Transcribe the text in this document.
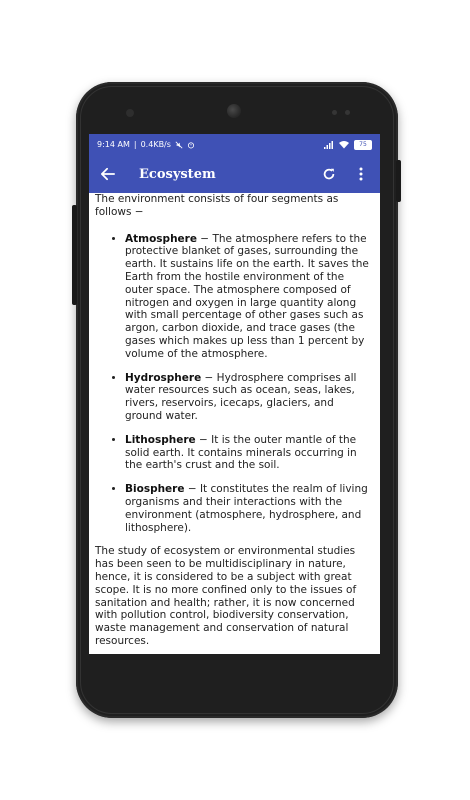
9:14 AM | 0.4KB/s	75
Ecosystem

The environment consists of four segments as follows −

• Atmosphere − The atmosphere refers to the protective blanket of gases, surrounding the earth. It sustains life on the earth. It saves the Earth from the hostile environment of the outer space. The atmosphere composed of nitrogen and oxygen in large quantity along with small percentage of other gases such as argon, carbon dioxide, and trace gases (the gases which makes up less than 1 percent by volume of the atmosphere.
• Hydrosphere − Hydrosphere comprises all water resources such as ocean, seas, lakes, rivers, reservoirs, icecaps, glaciers, and ground water.
• Lithosphere − It is the outer mantle of the solid earth. It contains minerals occurring in the earth's crust and the soil.
• Biosphere − It constitutes the realm of living organisms and their interactions with the environment (atmosphere, hydrosphere, and lithosphere).

The study of ecosystem or environmental studies has been seen to be multidisciplinary in nature, hence, it is considered to be a subject with great scope. It is no more confined only to the issues of sanitation and health; rather, it is now concerned with pollution control, biodiversity conservation, waste management and conservation of natural resources.
